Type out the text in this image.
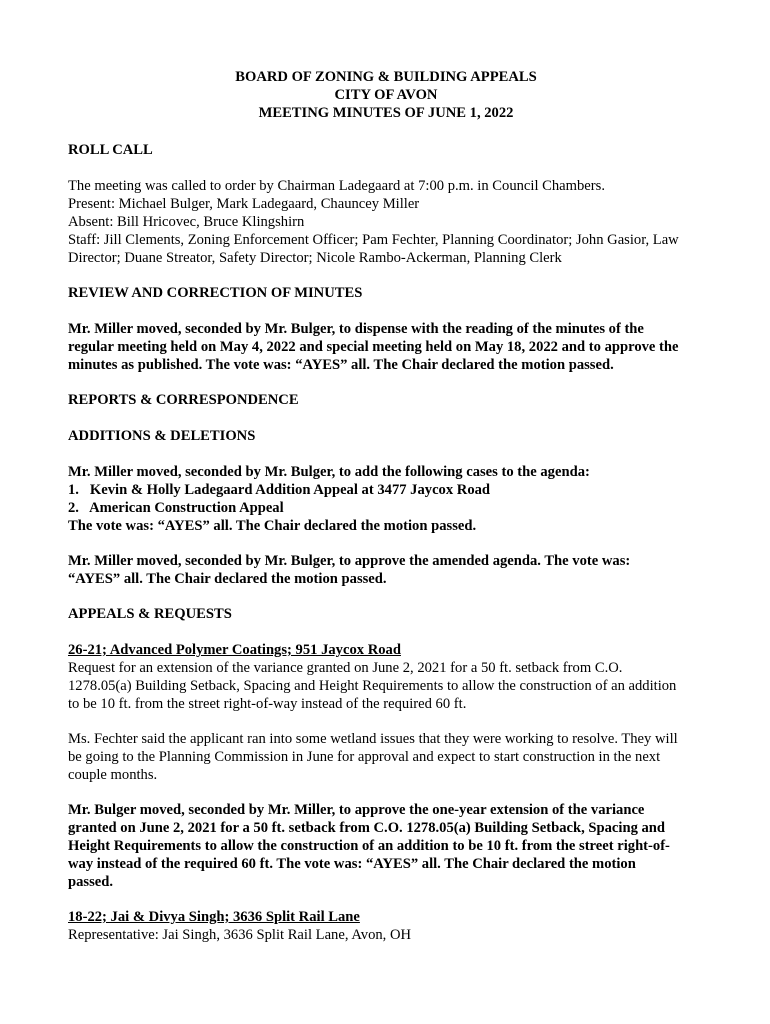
BOARD OF ZONING & BUILDING APPEALS
CITY OF AVON
MEETING MINUTES OF JUNE 1, 2022
ROLL CALL
The meeting was called to order by Chairman Ladegaard at 7:00 p.m. in Council Chambers.
Present: Michael Bulger, Mark Ladegaard, Chauncey Miller
Absent: Bill Hricovec, Bruce Klingshirn
Staff: Jill Clements, Zoning Enforcement Officer; Pam Fechter, Planning Coordinator; John Gasior, Law
Director; Duane Streator, Safety Director; Nicole Rambo-Ackerman, Planning Clerk
REVIEW AND CORRECTION OF MINUTES
Mr. Miller moved, seconded by Mr. Bulger, to dispense with the reading of the minutes of the
regular meeting held on May 4, 2022 and special meeting held on May 18, 2022 and to approve the
minutes as published. The vote was: “AYES” all. The Chair declared the motion passed.
REPORTS & CORRESPONDENCE
ADDITIONS & DELETIONS
Mr. Miller moved, seconded by Mr. Bulger, to add the following cases to the agenda:
1.   Kevin & Holly Ladegaard Addition Appeal at 3477 Jaycox Road
2.   American Construction Appeal
The vote was: “AYES” all. The Chair declared the motion passed.
Mr. Miller moved, seconded by Mr. Bulger, to approve the amended agenda. The vote was:
“AYES” all. The Chair declared the motion passed.
APPEALS & REQUESTS
26-21; Advanced Polymer Coatings; 951 Jaycox Road
Request for an extension of the variance granted on June 2, 2021 for a 50 ft. setback from C.O.
1278.05(a) Building Setback, Spacing and Height Requirements to allow the construction of an addition
to be 10 ft. from the street right-of-way instead of the required 60 ft.
Ms. Fechter said the applicant ran into some wetland issues that they were working to resolve. They will
be going to the Planning Commission in June for approval and expect to start construction in the next
couple months.
Mr. Bulger moved, seconded by Mr. Miller, to approve the one-year extension of the variance
granted on June 2, 2021 for a 50 ft. setback from C.O. 1278.05(a) Building Setback, Spacing and
Height Requirements to allow the construction of an addition to be 10 ft. from the street right-of-
way instead of the required 60 ft. The vote was: “AYES” all. The Chair declared the motion
passed.
18-22; Jai & Divya Singh; 3636 Split Rail Lane
Representative: Jai Singh, 3636 Split Rail Lane, Avon, OH
